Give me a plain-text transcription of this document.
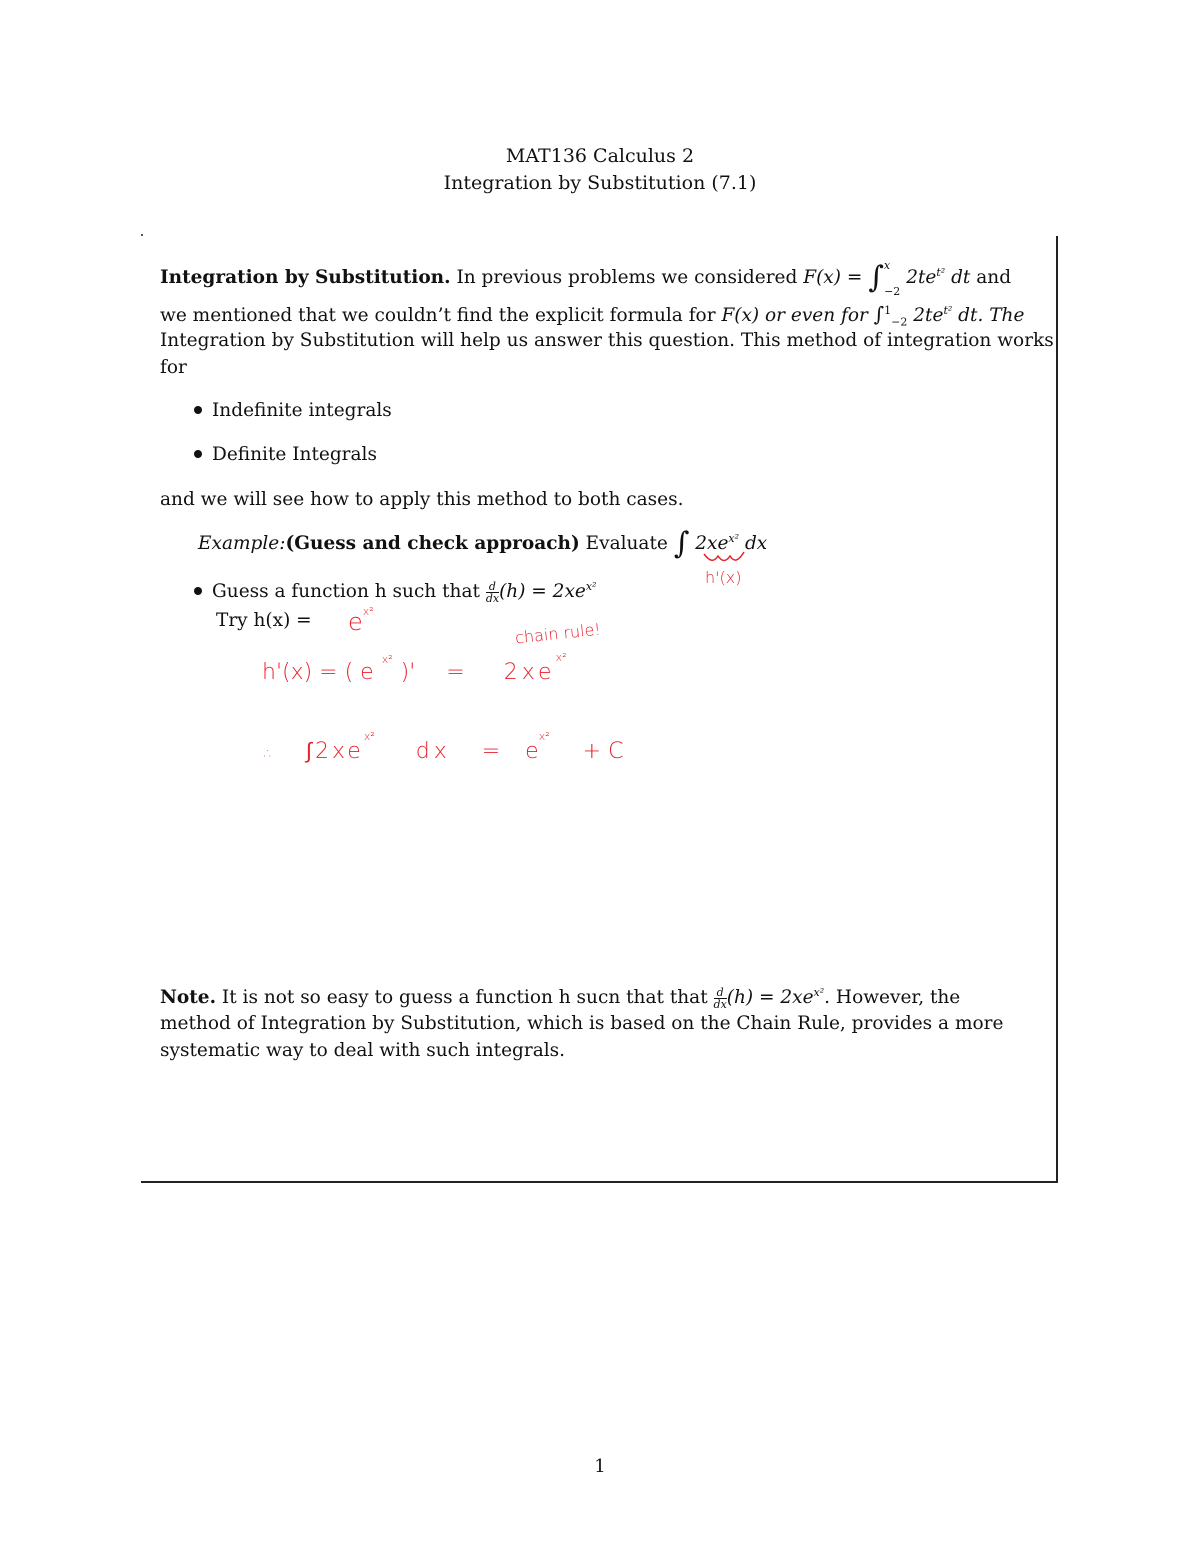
MAT136 Calculus 2
Integration by Substitution (7.1)
Integration by Substitution. In previous problems we considered F(x) = ∫$^x_{-2}$ $2te^{t^2}$ dt and
we mentioned that we couldn’t find the explicit formula for F(x) or even for ∫$^1_{-2}$ $2te^{t^2}$ dt. The
Integration by Substitution will help us answer this question. This method of integration works
for
Indefinite integrals
Definite Integrals
and we will see how to apply this method to both cases.
Example:(Guess and check approach) Evaluate ∫ $2xe^{x^2}$ dx
Guess a function h such that $\frac{d}{dx} (h) = 2xe^{x^2}$
Try h(x) =
h'(x)
$e^{x^2}$
chain rule!
h'(x) = ( $e^{x^2})' = 2xe^{x^2}$
∴ $\int 2xe^{x^2}$ dx = $e^{x^2} + C$
Note. It is not so easy to guess a function h sucn that that $\frac{d}{dx} (h) = 2xe^{x^2}$. However, the
method of Integration by Substitution, which is based on the Chain Rule, provides a more
systematic way to deal with such integrals.
1
